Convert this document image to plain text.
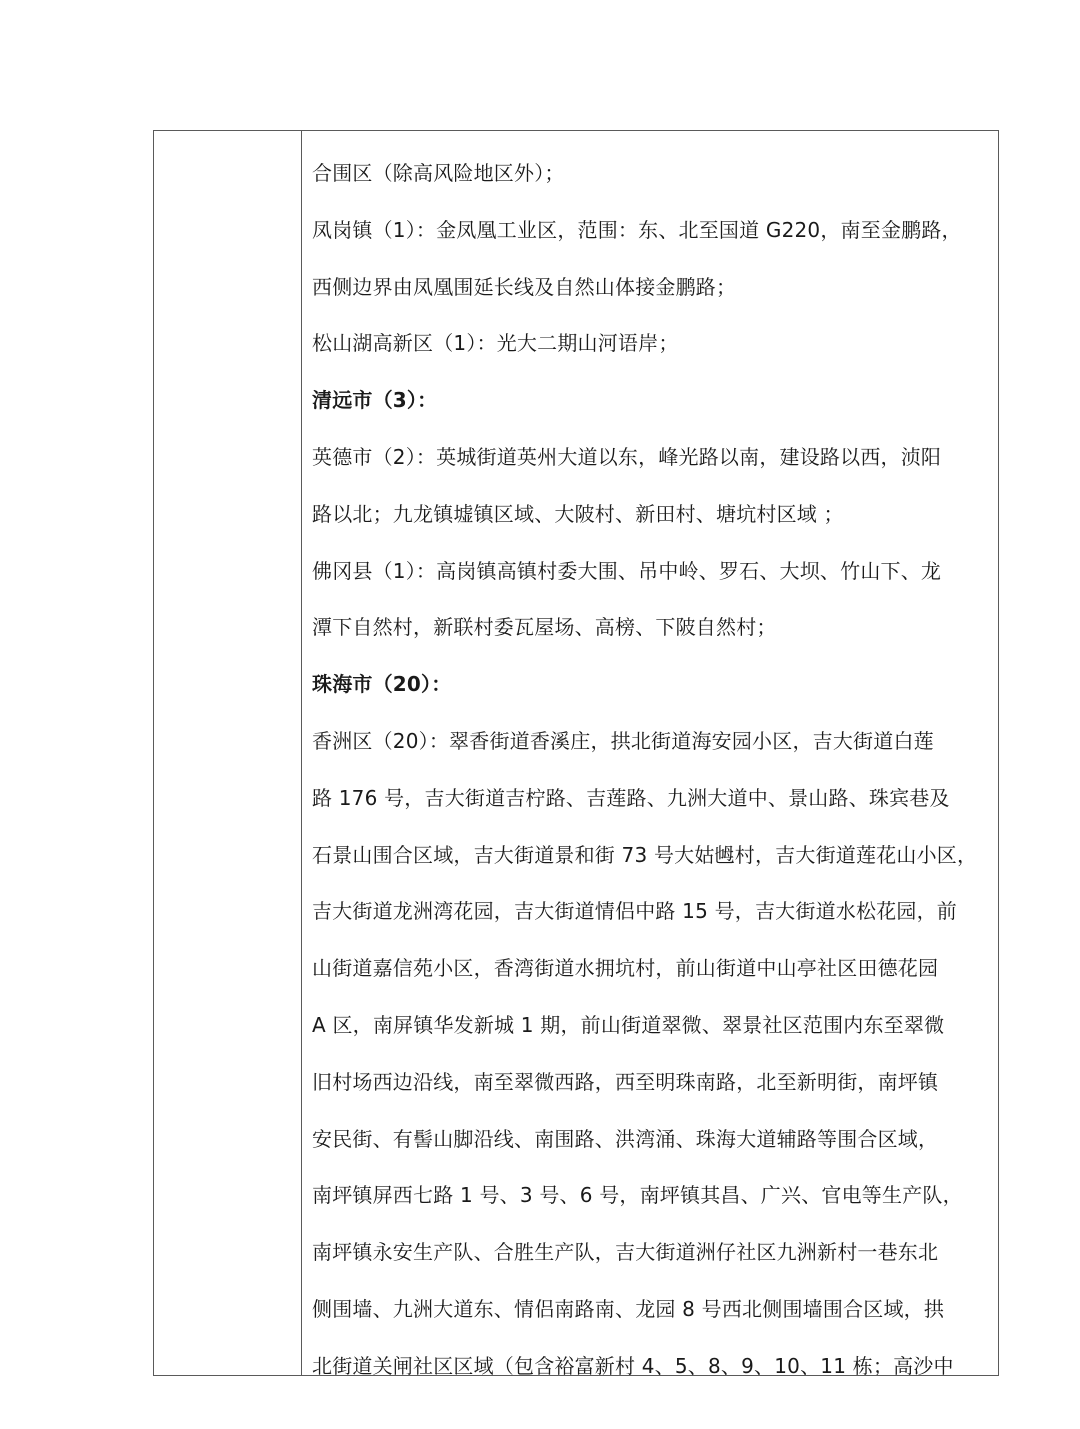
合围区（除高风险地区外）；

凤岗镇（1）：金凤凰工业区，范围：东、北至国道 G220，南至金鹏路，

西侧边界由凤凰围延长线及自然山体接金鹏路；

松山湖高新区（1）：光大二期山河语岸；

清远市（3）：

英德市（2）：英城街道英州大道以东，峰光路以南，建设路以西，浈阳

路以北；九龙镇墟镇区域、大陂村、新田村、塘坑村区域 ；

佛冈县（1）：高岗镇高镇村委大围、吊中岭、罗石、大坝、竹山下、龙

潭下自然村，新联村委瓦屋场、高榜、下陂自然村；

珠海市（20）：

香洲区（20）：翠香街道香溪庄，拱北街道海安园小区，吉大街道白莲

路 176 号，吉大街道吉柠路、吉莲路、九洲大道中、景山路、珠宾巷及

石景山围合区域，吉大街道景和街 73 号大姑乸村，吉大街道莲花山小区，

吉大街道龙洲湾花园，吉大街道情侣中路 15 号，吉大街道水松花园，前

山街道嘉信苑小区，香湾街道水拥坑村，前山街道中山亭社区田德花园

A 区，南屏镇华发新城 1 期，前山街道翠微、翠景社区范围内东至翠微

旧村场西边沿线，南至翠微西路，西至明珠南路，北至新明街，南坪镇

安民街、有髻山脚沿线、南围路、洪湾涌、珠海大道辅路等围合区域，

南坪镇屏西七路 1 号、3 号、6 号，南坪镇其昌、广兴、官电等生产队，

南坪镇永安生产队、合胜生产队，吉大街道洲仔社区九洲新村一巷东北

侧围墙、九洲大道东、情侣南路南、龙园 8 号西北侧围墙围合区域，拱

北街道关闸社区区域（包含裕富新村 4、5、8、9、10、11 栋；高沙中
